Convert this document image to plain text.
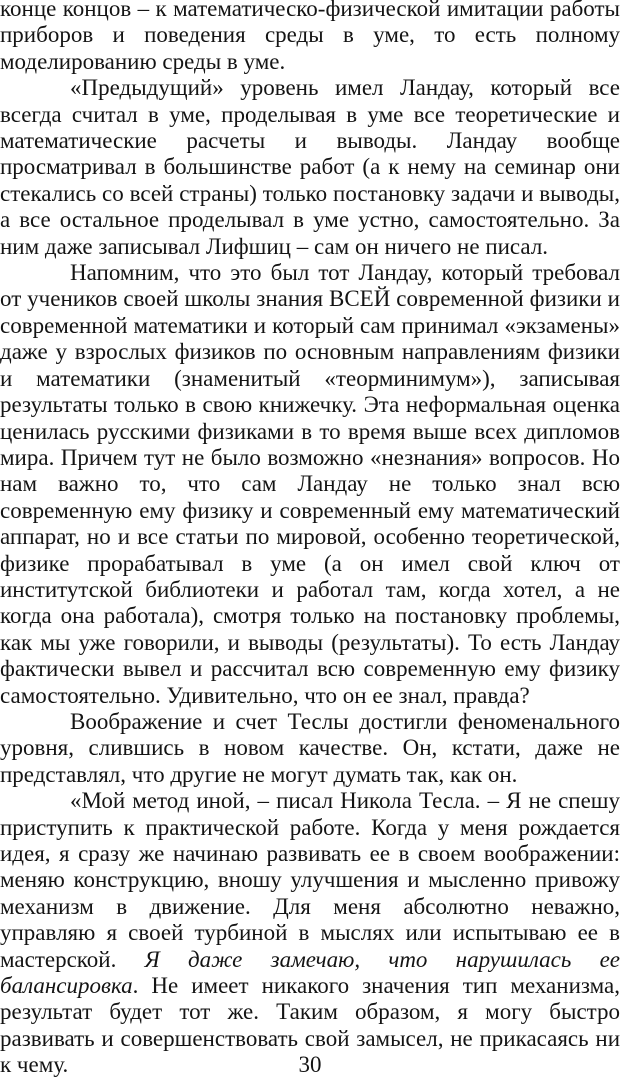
конце концов – к математическо-физической имитации работы приборов и поведения среды в уме, то есть полному моделированию среды в уме.

«Предыдущий» уровень имел Ландау, который все всегда считал в уме, проделывая в уме все теоретические и математические расчеты и выводы. Ландау вообще просматривал в большинстве работ (а к нему на семинар они стекались со всей страны) только постановку задачи и выводы, а все остальное проделывал в уме устно, самостоятельно. За ним даже записывал Лифшиц – сам он ничего не писал.

Напомним, что это был тот Ландау, который требовал от учеников своей школы знания ВСЕЙ современной физики и современной математики и который сам принимал «экзамены» даже у взрослых физиков по основным направлениям физики и математики (знаменитый «теорминимум»), записывая результаты только в свою книжечку. Эта неформальная оценка ценилась русскими физиками в то время выше всех дипломов мира. Причем тут не было возможно «незнания» вопросов. Но нам важно то, что сам Ландау не только знал всю современную ему физику и современный ему математический аппарат, но и все статьи по мировой, особенно теоретической, физике прорабатывал в уме (а он имел свой ключ от институтской библиотеки и работал там, когда хотел, а не когда она работала), смотря только на постановку проблемы, как мы уже говорили, и выводы (результаты). То есть Ландау фактически вывел и рассчитал всю современную ему физику самостоятельно. Удивительно, что он ее знал, правда?

Воображение и счет Теслы достигли феноменального уровня, слившись в новом качестве. Он, кстати, даже не представлял, что другие не могут думать так, как он.

«Мой метод иной, – писал Никола Тесла. – Я не спешу приступить к практической работе. Когда у меня рождается идея, я сразу же начинаю развивать ее в своем воображении: меняю конструкцию, вношу улучшения и мысленно привожу механизм в движение. Для меня абсолютно неважно, управляю я своей турбиной в мыслях или испытываю ее в мастерской. Я даже замечаю, что нарушилась ее балансировка. Не имеет никакого значения тип механизма, результат будет тот же. Таким образом, я могу быстро развивать и совершенствовать свой замысел, не прикасаясь ни к чему.	30
